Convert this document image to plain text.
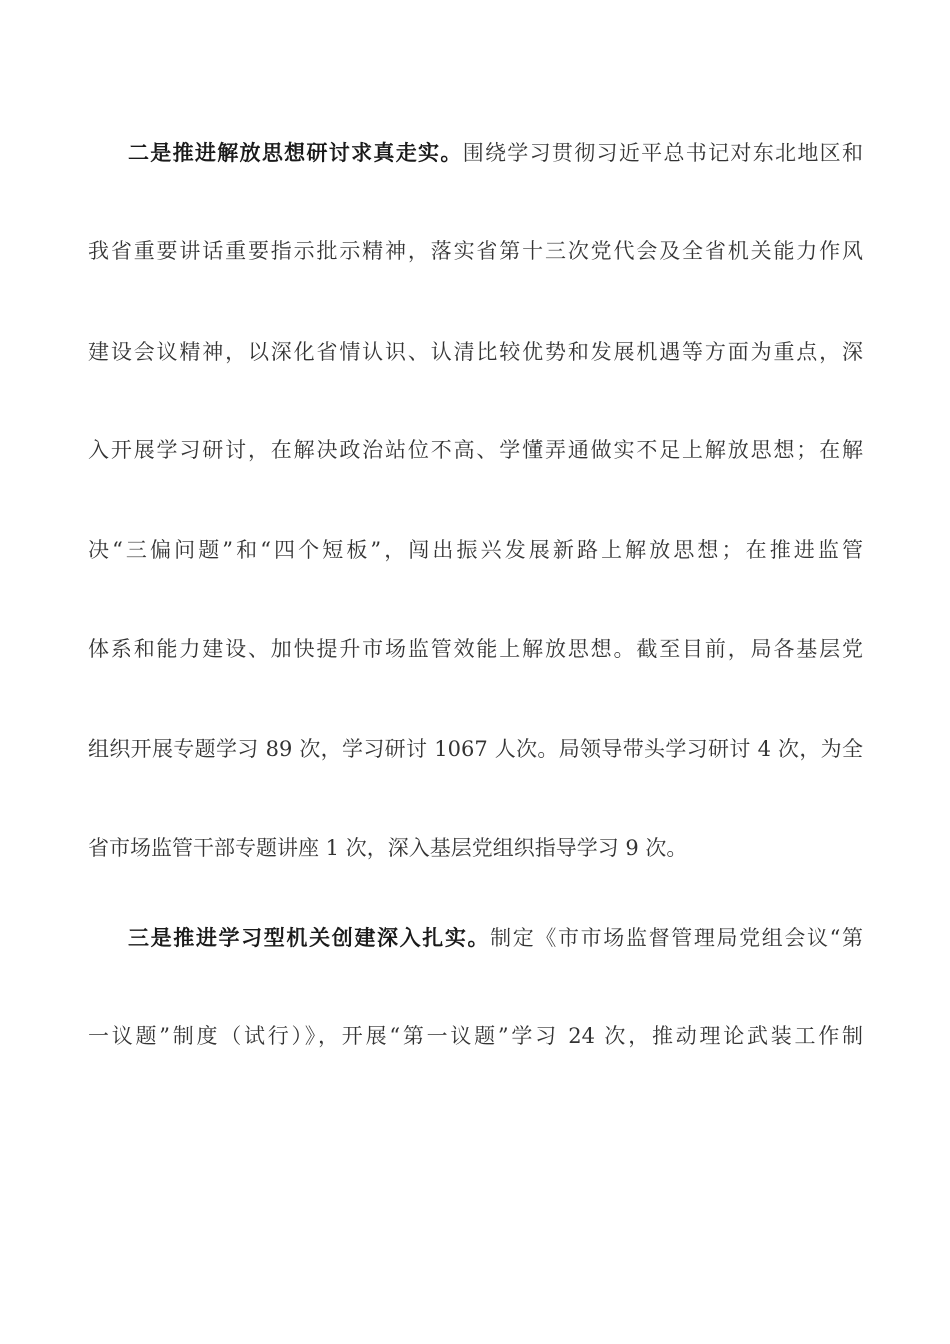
二是推进解放思想研讨求真走实。围绕学习贯彻习近平总书记对东北地区和
我省重要讲话重要指示批示精神，落实省第十三次党代会及全省机关能力作风
建设会议精神，以深化省情认识、认清比较优势和发展机遇等方面为重点，深
入开展学习研讨，在解决政治站位不高、学懂弄通做实不足上解放思想；在解
决“三偏问题”和“四个短板”，闯出振兴发展新路上解放思想；在推进监管
体系和能力建设、加快提升市场监管效能上解放思想。截至目前，局各基层党
组织开展专题学习 89 次，学习研讨 1067 人次。局领导带头学习研讨 4 次，为全
省市场监管干部专题讲座 1 次，深入基层党组织指导学习 9 次。
三是推进学习型机关创建深入扎实。制定《市市场监督管理局党组会议“第
一议题”制度（试行）》，开展“第一议题”学习 24 次，推动理论武装工作制
